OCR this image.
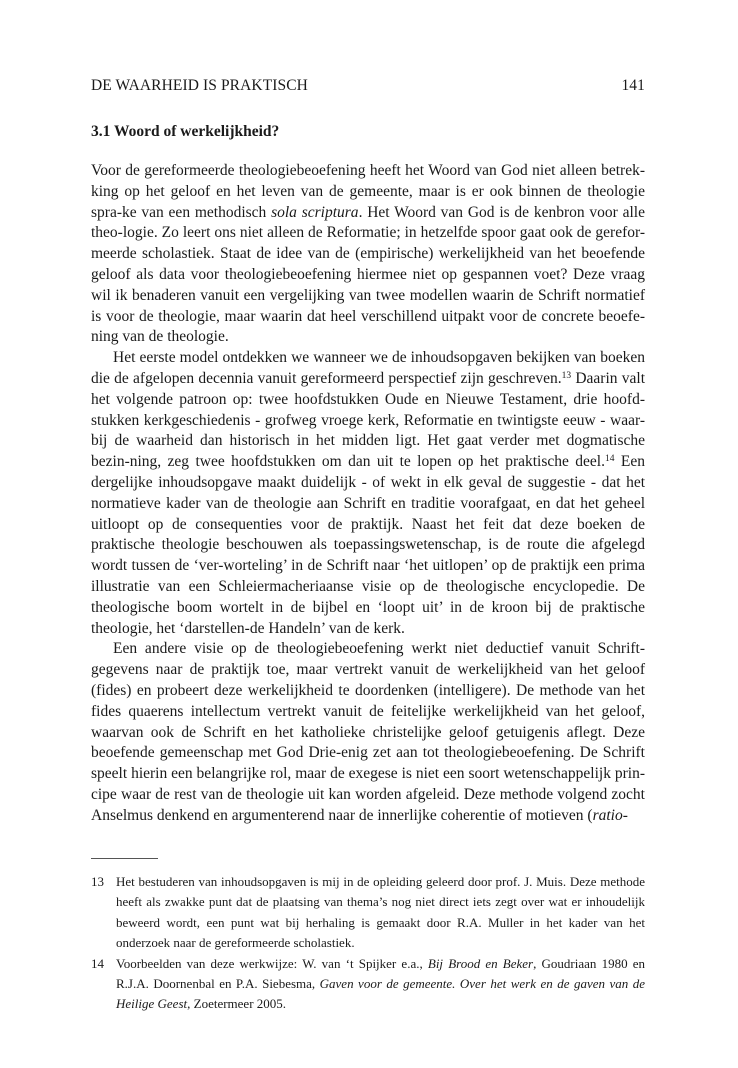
DE WAARHEID IS PRAKTISCH	141
3.1 Woord of werkelijkheid?

Voor de gereformeerde theologiebeoefening heeft het Woord van God niet alleen betrek-king op het geloof en het leven van de gemeente, maar is er ook binnen de theologie spra-ke van een methodisch sola scriptura. Het Woord van God is de kenbron voor alle theo-logie. Zo leert ons niet alleen de Reformatie; in hetzelfde spoor gaat ook de gerefor-meerde scholastiek. Staat de idee van de (empirische) werkelijkheid van het beoefende geloof als data voor theologiebeoefening hiermee niet op gespannen voet? Deze vraag wil ik benaderen vanuit een vergelijking van twee modellen waarin de Schrift normatief is voor de theologie, maar waarin dat heel verschillend uitpakt voor de concrete beoefe-ning van de theologie.

Het eerste model ontdekken we wanneer we de inhoudsopgaven bekijken van boeken die de afgelopen decennia vanuit gereformeerd perspectief zijn geschreven.$^{13}$ Daarin valt het volgende patroon op: twee hoofdstukken Oude en Nieuwe Testament, drie hoofd-stukken kerkgeschiedenis - grofweg vroege kerk, Reformatie en twintigste eeuw - waar-bij de waarheid dan historisch in het midden ligt. Het gaat verder met dogmatische bezin-ning, zeg twee hoofdstukken om dan uit te lopen op het praktische deel.$^{14}$ Een dergelijke inhoudsopgave maakt duidelijk - of wekt in elk geval de suggestie - dat het normatieve kader van de theologie aan Schrift en traditie voorafgaat, en dat het geheel uitloopt op de consequenties voor de praktijk. Naast het feit dat deze boeken de praktische theologie beschouwen als toepassingswetenschap, is de route die afgelegd wordt tussen de ‘ver-worteling’ in de Schrift naar ‘het uitlopen’ op de praktijk een prima illustratie van een Schleiermacheriaanse visie op de theologische encyclopedie. De theologische boom wortelt in de bijbel en ‘loopt uit’ in de kroon bij de praktische theologie, het ‘darstellen-de Handeln’ van de kerk.

Een andere visie op de theologiebeoefening werkt niet deductief vanuit Schrift-gegevens naar de praktijk toe, maar vertrekt vanuit de werkelijkheid van het geloof (fides) en probeert deze werkelijkheid te doordenken (intelligere). De methode van het fides quaerens intellectum vertrekt vanuit de feitelijke werkelijkheid van het geloof, waarvan ook de Schrift en het katholieke christelijke geloof getuigenis aflegt. Deze beoefende gemeenschap met God Drie-enig zet aan tot theologiebeoefening. De Schrift speelt hierin een belangrijke rol, maar de exegese is niet een soort wetenschappelijk prin-cipe waar de rest van de theologie uit kan worden afgeleid. Deze methode volgend zocht Anselmus denkend en argumenterend naar de innerlijke coherentie of motieven (ratio-

13 Het bestuderen van inhoudsopgaven is mij in de opleiding geleerd door prof. J. Muis. Deze methode heeft als zwakke punt dat de plaatsing van thema’s nog niet direct iets zegt over wat er inhoudelijk beweerd wordt, een punt wat bij herhaling is gemaakt door R.A. Muller in het kader van het onderzoek naar de gereformeerde scholastiek.
14 Voorbeelden van deze werkwijze: W. van ‘t Spijker e.a., Bij Brood en Beker, Goudriaan 1980 en R.J.A. Doornenbal en P.A. Siebesma, Gaven voor de gemeente. Over het werk en de gaven van de Heilige Geest, Zoetermeer 2005.
